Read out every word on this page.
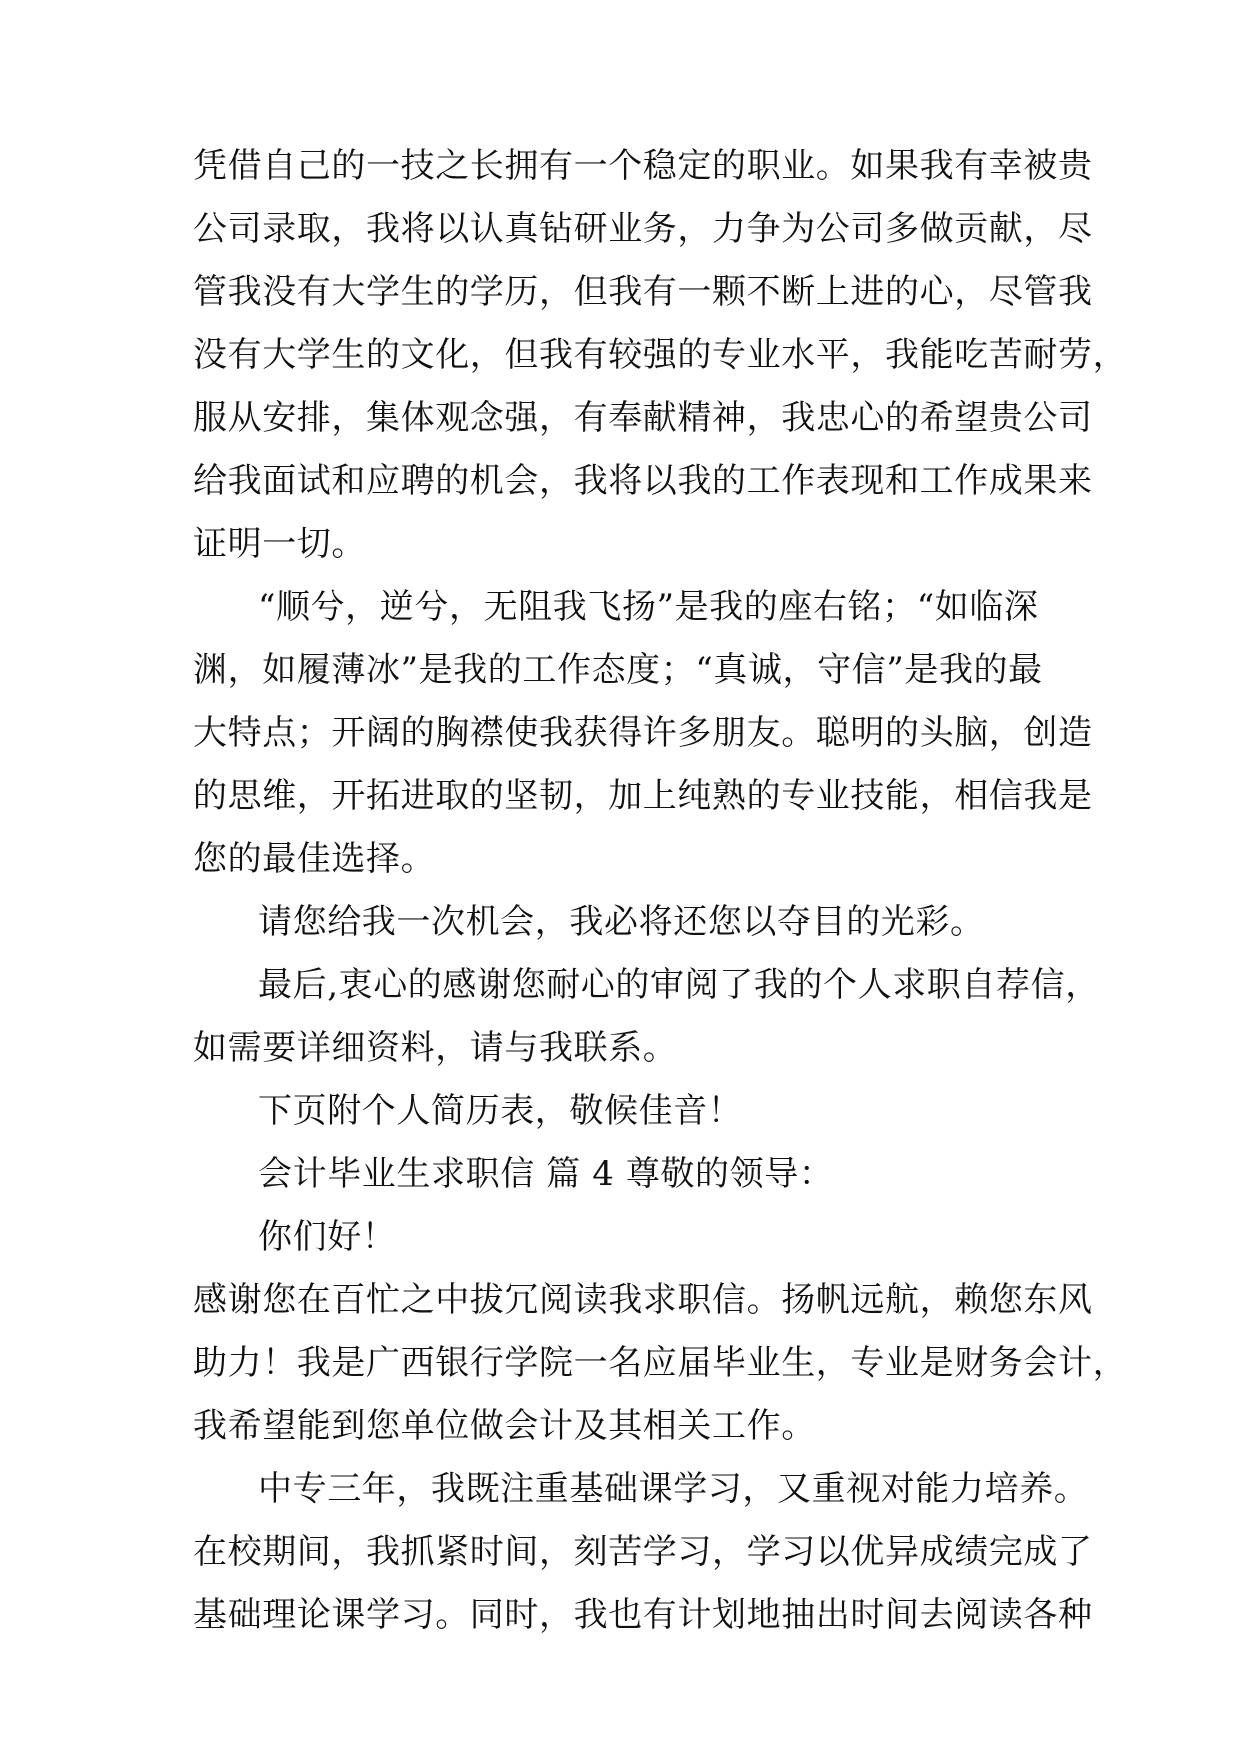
凭借自己的一技之长拥有一个稳定的职业。如果我有幸被贵
公司录取，我将以认真钻研业务，力争为公司多做贡献，尽
管我没有大学生的学历，但我有一颗不断上进的心，尽管我
没有大学生的文化，但我有较强的专业水平，我能吃苦耐劳，
服从安排，集体观念强，有奉献精神，我忠心的希望贵公司
给我面试和应聘的机会，我将以我的工作表现和工作成果来
证明一切。
“顺兮，逆兮，无阻我飞扬”是我的座右铭；“如临深
渊，如履薄冰”是我的工作态度；“真诚，守信”是我的最
大特点；开阔的胸襟使我获得许多朋友。聪明的头脑，创造
的思维，开拓进取的坚韧，加上纯熟的专业技能，相信我是
您的最佳选择。
请您给我一次机会，我必将还您以夺目的光彩。
最后,衷心的感谢您耐心的审阅了我的个人求职自荐信，
如需要详细资料，请与我联系。
下页附个人简历表，敬候佳音！
会计毕业生求职信 篇 4 尊敬的领导：
你们好！
感谢您在百忙之中拔冗阅读我求职信。扬帆远航，赖您东风
助力！我是广西银行学院一名应届毕业生，专业是财务会计，
我希望能到您单位做会计及其相关工作。
中专三年，我既注重基础课学习，又重视对能力培养。
在校期间，我抓紧时间，刻苦学习，学习以优异成绩完成了
基础理论课学习。同时，我也有计划地抽出时间去阅读各种
